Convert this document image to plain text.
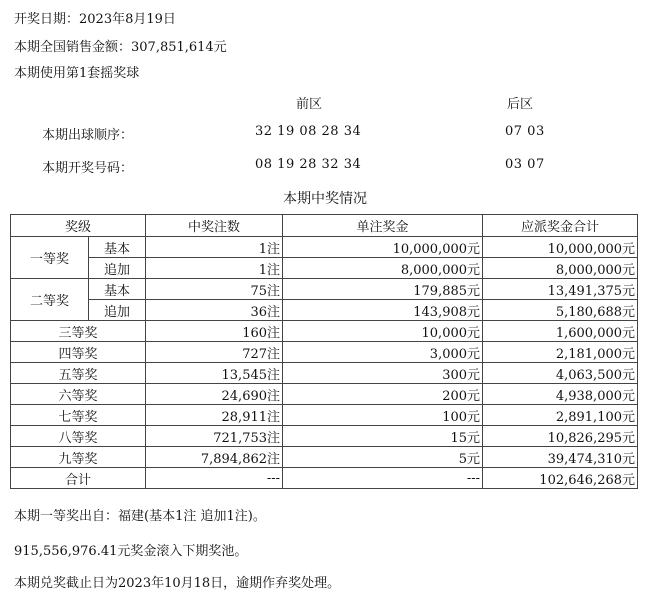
开奖日期：2023年8月19日
本期全国销售金额：307,851,614元
本期使用第1套摇奖球
前区	后区
本期出球顺序：	32 19 08 28 34	07 03
本期开奖号码：	08 19 28 32 34	03 07
本期中奖情况
奖级		中奖注数	单注奖金	应派奖金合计
一等奖	基本	1注	10,000,000元	10,000,000元
	追加	1注	8,000,000元	8,000,000元
二等奖	基本	75注	179,885元	13,491,375元
	追加	36注	143,908元	5,180,688元
三等奖		160注	10,000元	1,600,000元
四等奖		727注	3,000元	2,181,000元
五等奖		13,545注	300元	4,063,500元
六等奖		24,690注	200元	4,938,000元
七等奖		28,911注	100元	2,891,100元
八等奖		721,753注	15元	10,826,295元
九等奖		7,894,862注	5元	39,474,310元
合计		---	---	102,646,268元
本期一等奖出自：福建(基本1注 追加1注)。
915,556,976.41元奖金滚入下期奖池。
本期兑奖截止日为2023年10月18日，逾期作弃奖处理。
